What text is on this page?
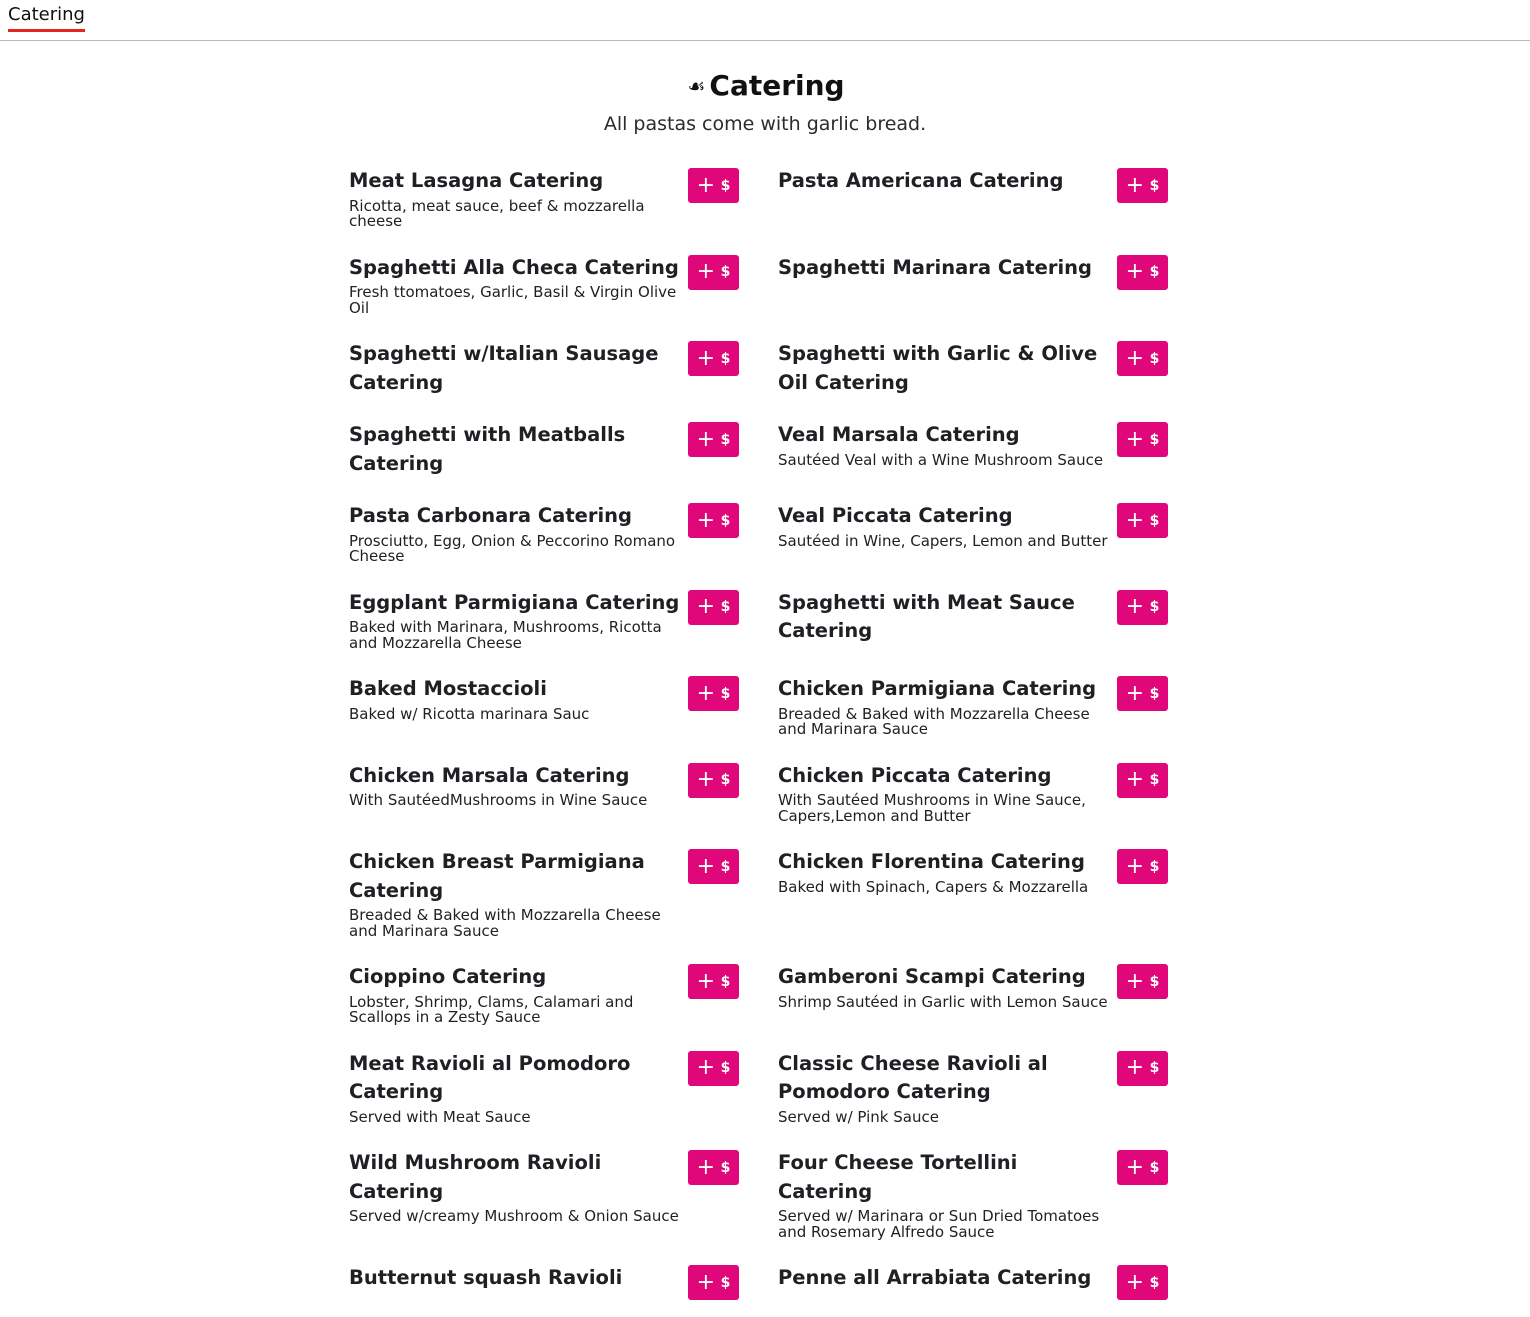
Catering
☙ Catering
All pastas come with garlic bread.
Meat Lasagna Catering
Ricotta, meat sauce, beef & mozzarella cheese
+ $ Pasta Americana Catering	+ $
Spaghetti Alla Checa Catering
Fresh ttomatoes, Garlic, Basil & Virgin Olive Oil
+ $ Spaghetti Marinara Catering	+ $
Spaghetti w/Italian Sausage Catering
+ $ Spaghetti with Garlic & Olive Oil Catering
+ $
Spaghetti with Meatballs Catering
+ $ Veal Marsala Catering
Sautéed Veal with a Wine Mushroom Sauce
+ $
Pasta Carbonara Catering
Prosciutto, Egg, Onion & Peccorino Romano Cheese
+ $ Veal Piccata Catering
Sautéed in Wine, Capers, Lemon and Butter
+ $
Eggplant Parmigiana Catering
Baked with Marinara, Mushrooms, Ricotta and Mozzarella Cheese
+ $ Spaghetti with Meat Sauce Catering
+ $
Baked Mostaccioli
Baked w/ Ricotta marinara Sauc
+ $ Chicken Parmigiana Catering
Breaded & Baked with Mozzarella Cheese and Marinara Sauce
+ $
Chicken Marsala Catering
With SautéedMushrooms in Wine Sauce
+ $ Chicken Piccata Catering
With Sautéed Mushrooms in Wine Sauce, Capers,Lemon and Butter
+ $
Chicken Breast Parmigiana Catering
Breaded & Baked with Mozzarella Cheese and Marinara Sauce
+ $ Chicken Florentina Catering
Baked with Spinach, Capers & Mozzarella
+ $
Cioppino Catering
Lobster, Shrimp, Clams, Calamari and Scallops in a Zesty Sauce
+ $ Gamberoni Scampi Catering
Shrimp Sautéed in Garlic with Lemon Sauce
+ $
Meat Ravioli al Pomodoro Catering
Served with Meat Sauce
+ $ Classic Cheese Ravioli al Pomodoro Catering
Served w/ Pink Sauce
+ $
Wild Mushroom Ravioli Catering
Served w/creamy Mushroom & Onion Sauce
+ $ Four Cheese Tortellini Catering
Served w/ Marinara or Sun Dried Tomatoes and Rosemary Alfredo Sauce
+ $
Butternut squash Ravioli	+ $ Penne all Arrabiata Catering	+ $
